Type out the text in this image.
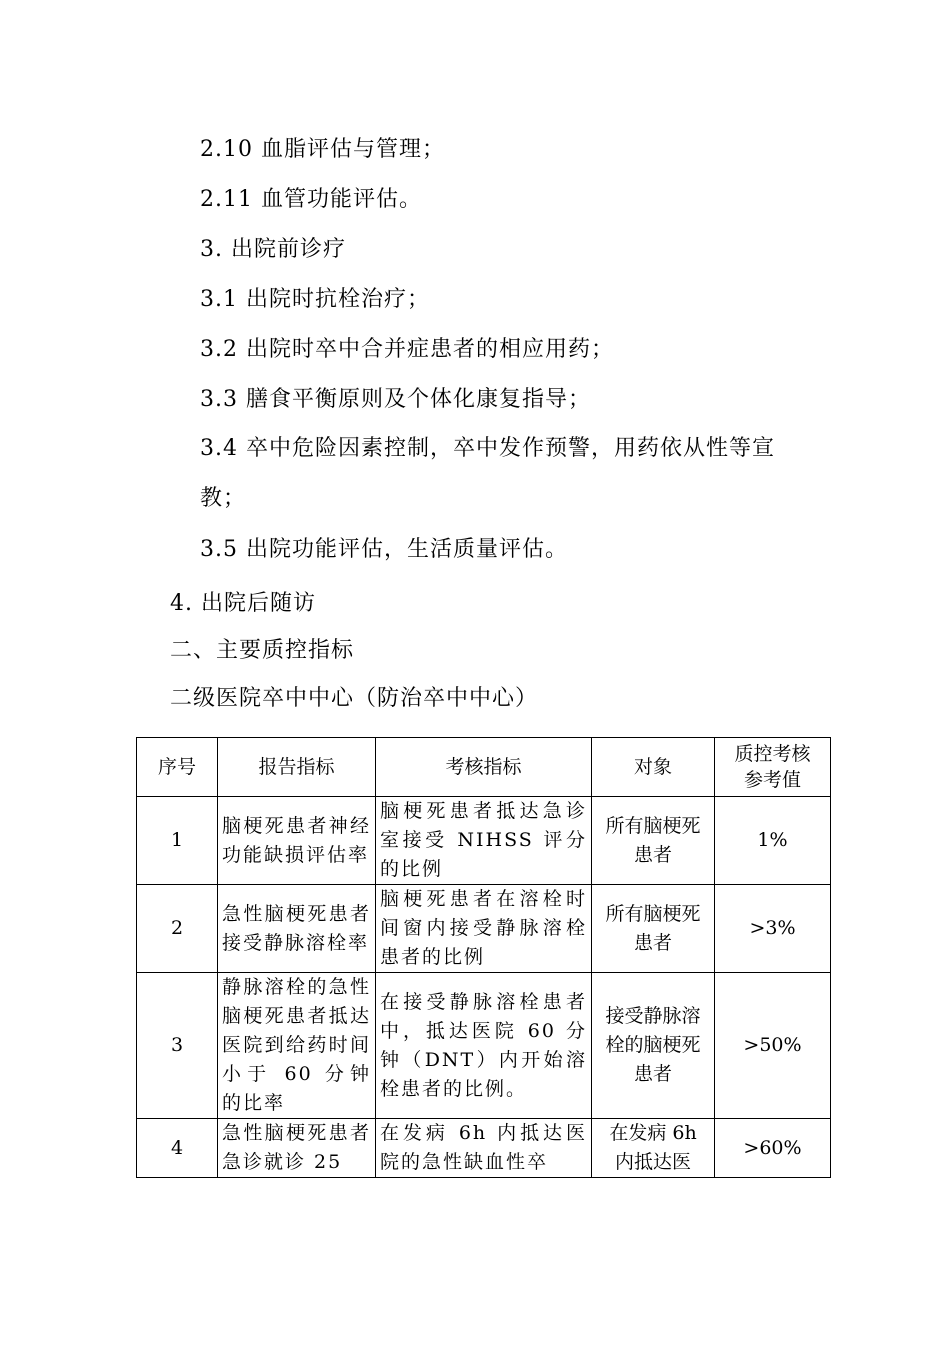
2.10 血脂评估与管理；
2.11 血管功能评估。
3. 出院前诊疗
3.1 出院时抗栓治疗；
3.2 出院时卒中合并症患者的相应用药；
3.3 膳食平衡原则及个体化康复指导；
3.4 卒中危险因素控制，卒中发作预警，用药依从性等宣
教；
3.5 出院功能评估，生活质量评估。
4. 出院后随访
二、主要质控指标
二级医院卒中中心（防治卒中中心）
序号	报告指标	考核指标	对象	质控考核参考值
1	脑梗死患者神经功能缺损评估率	脑梗死患者抵达急诊室接受 NIHSS 评分的比例	所有脑梗死患者	1%
2	急性脑梗死患者接受静脉溶栓率	脑梗死患者在溶栓时间窗内接受静脉溶栓患者的比例	所有脑梗死患者	>3%
3	静脉溶栓的急性脑梗死患者抵达医院到给药时间小于 60 分钟的比率	在接受静脉溶栓患者中，抵达医院 60 分钟（DNT）内开始溶栓患者的比例。	接受静脉溶栓的脑梗死患者	>50%
4	急性脑梗死患者急诊就诊 25	在发病 6h 内抵达医院的急性缺血性卒	在发病 6h 内抵达医	>60%
